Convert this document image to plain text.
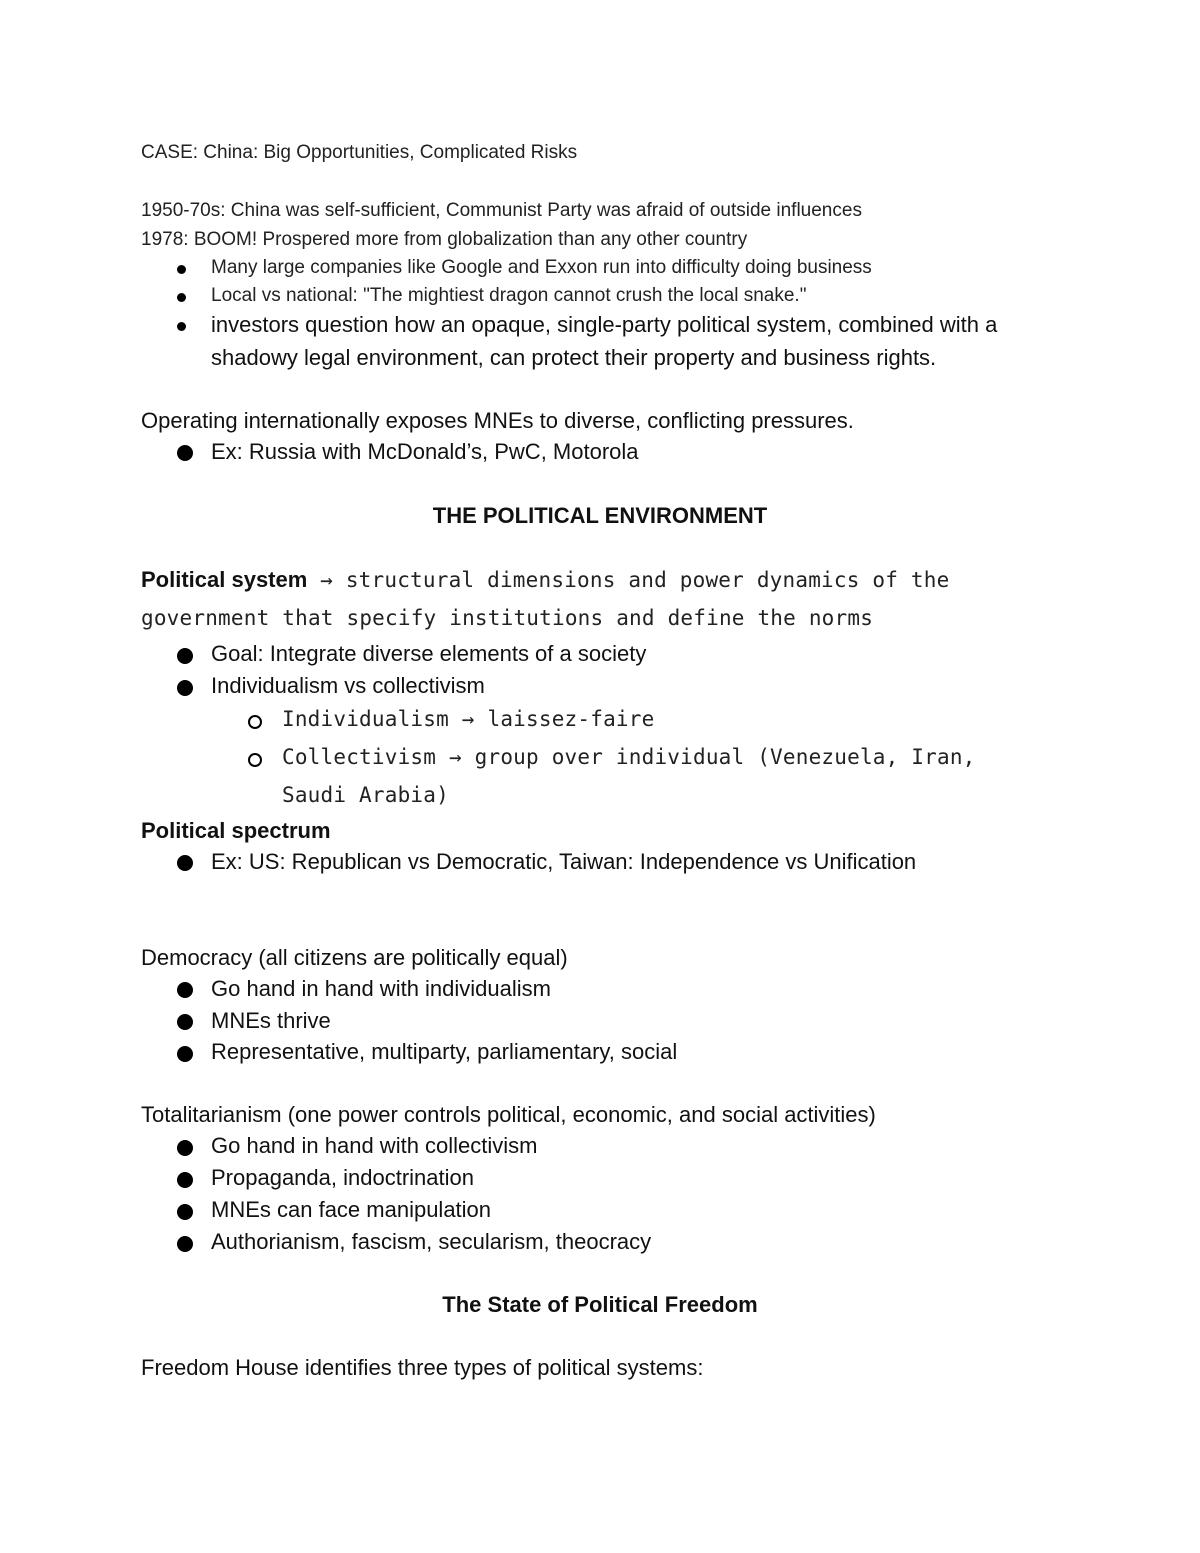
CASE: China: Big Opportunities, Complicated Risks
1950-70s: China was self-sufficient, Communist Party was afraid of outside influences
1978: BOOM! Prospered more from globalization than any other country
Many large companies like Google and Exxon run into difficulty doing business
Local vs national: "The mightiest dragon cannot crush the local snake."
investors question how an opaque, single-party political system, combined with a
shadowy legal environment, can protect their property and business rights.
Operating internationally exposes MNEs to diverse, conflicting pressures.
Ex: Russia with McDonald’s, PwC, Motorola
THE POLITICAL ENVIRONMENT
Political system → structural dimensions and power dynamics of the
government that specify institutions and define the norms
Goal: Integrate diverse elements of a society
Individualism vs collectivism
Individualism → laissez-faire
Collectivism → group over individual (Venezuela, Iran,
Saudi Arabia)
Political spectrum
Ex: US: Republican vs Democratic, Taiwan: Independence vs Unification
Democracy (all citizens are politically equal)
Go hand in hand with individualism
MNEs thrive
Representative, multiparty, parliamentary, social
Totalitarianism (one power controls political, economic, and social activities)
Go hand in hand with collectivism
Propaganda, indoctrination
MNEs can face manipulation
Authorianism, fascism, secularism, theocracy
The State of Political Freedom
Freedom House identifies three types of political systems:
